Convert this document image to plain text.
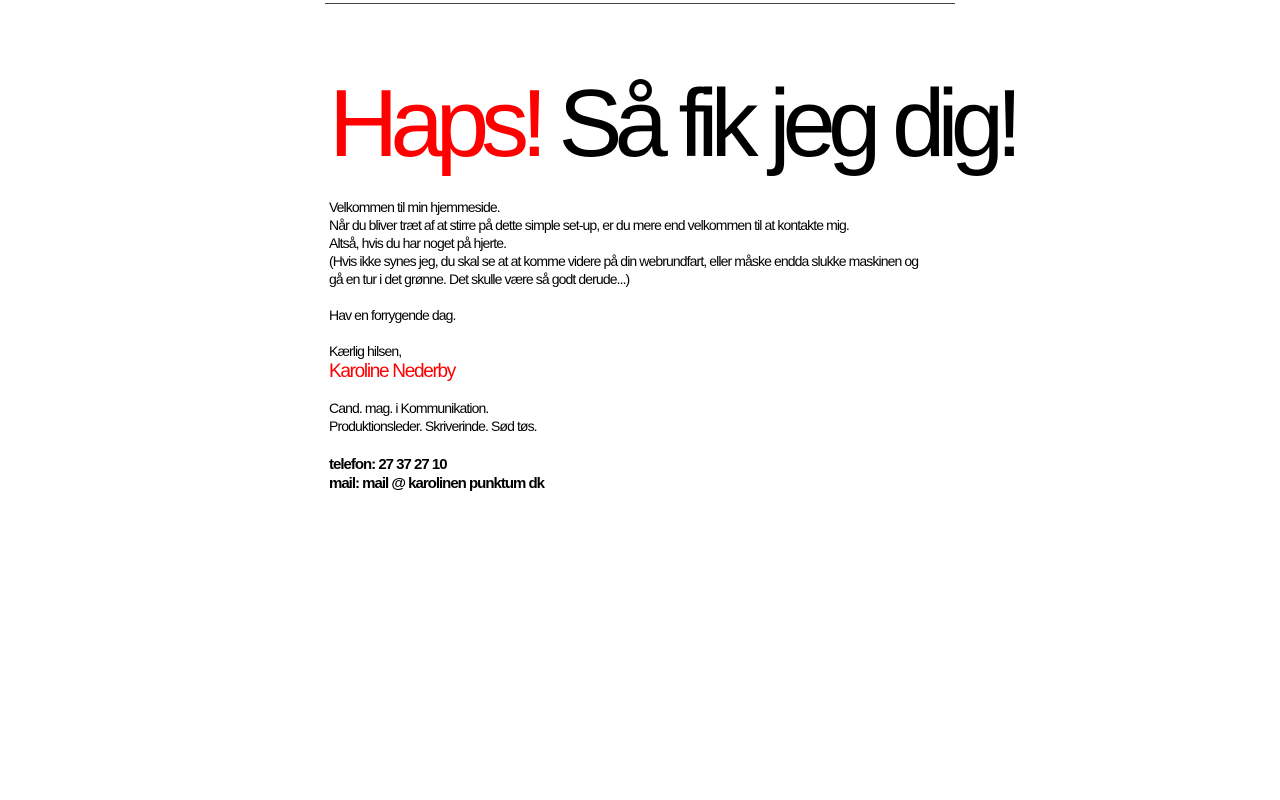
Haps! Så fik jeg dig!

Velkommen til min hjemmeside.

Når du bliver træt af at stirre på dette simple set-up, er du mere end velkommen til at kontakte mig.

Altså, hvis du har noget på hjerte.

(Hvis ikke synes jeg, du skal se at at komme videre på din webrundfart, eller måske endda slukke maskinen og gå en tur i det grønne. Det skulle være så godt derude...)

Hav en forrygende dag.

Kærlig hilsen,

Karoline Nederby

Cand. mag. i Kommunikation.

Produktionsleder. Skriverinde. Sød tøs.

telefon: 27 37 27 10

mail: mail @ karolinen punktum dk
